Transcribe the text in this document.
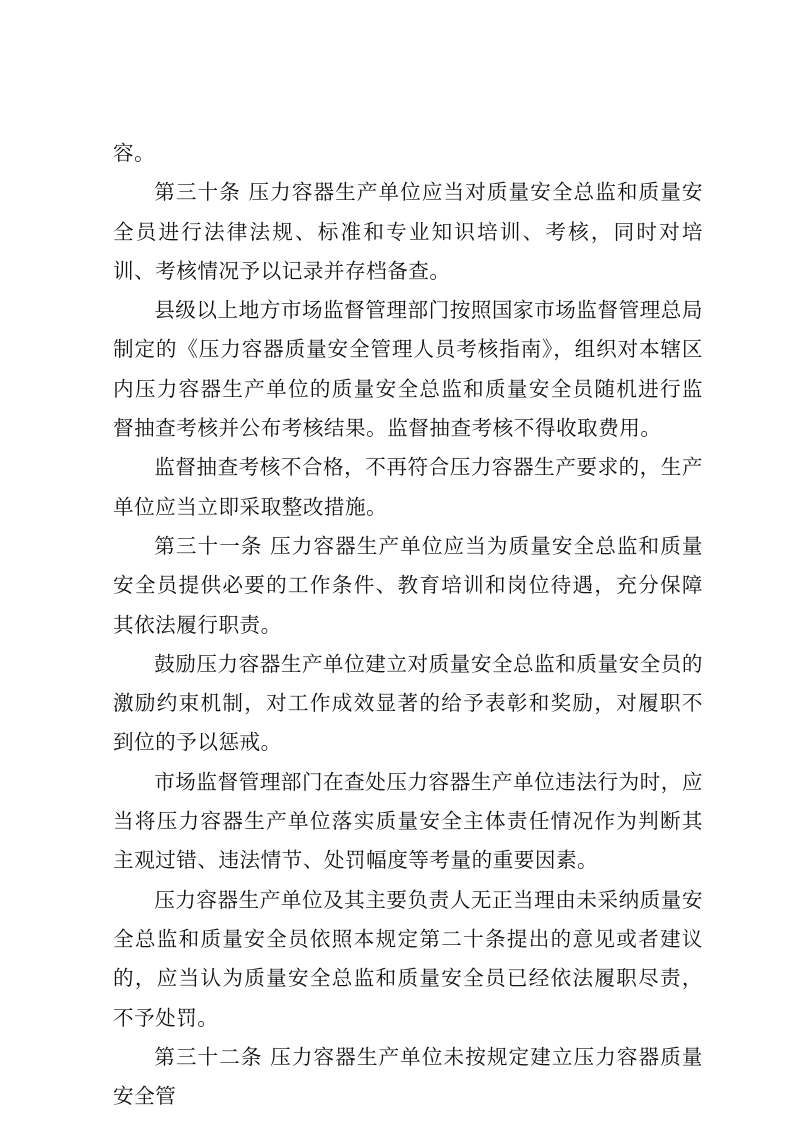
容。

第三十条 压力容器生产单位应当对质量安全总监和质量安全员进行法律法规、标准和专业知识培训、考核，同时对培训、考核情况予以记录并存档备查。

县级以上地方市场监督管理部门按照国家市场监督管理总局制定的《压力容器质量安全管理人员考核指南》，组织对本辖区内压力容器生产单位的质量安全总监和质量安全员随机进行监督抽查考核并公布考核结果。监督抽查考核不得收取费用。

监督抽查考核不合格，不再符合压力容器生产要求的，生产单位应当立即采取整改措施。

第三十一条 压力容器生产单位应当为质量安全总监和质量安全员提供必要的工作条件、教育培训和岗位待遇，充分保障其依法履行职责。

鼓励压力容器生产单位建立对质量安全总监和质量安全员的激励约束机制，对工作成效显著的给予表彰和奖励，对履职不到位的予以惩戒。

市场监督管理部门在查处压力容器生产单位违法行为时，应当将压力容器生产单位落实质量安全主体责任情况作为判断其主观过错、违法情节、处罚幅度等考量的重要因素。

压力容器生产单位及其主要负责人无正当理由未采纳质量安全总监和质量安全员依照本规定第二十条提出的意见或者建议的，应当认为质量安全总监和质量安全员已经依法履职尽责，不予处罚。

第三十二条 压力容器生产单位未按规定建立压力容器质量安全管
